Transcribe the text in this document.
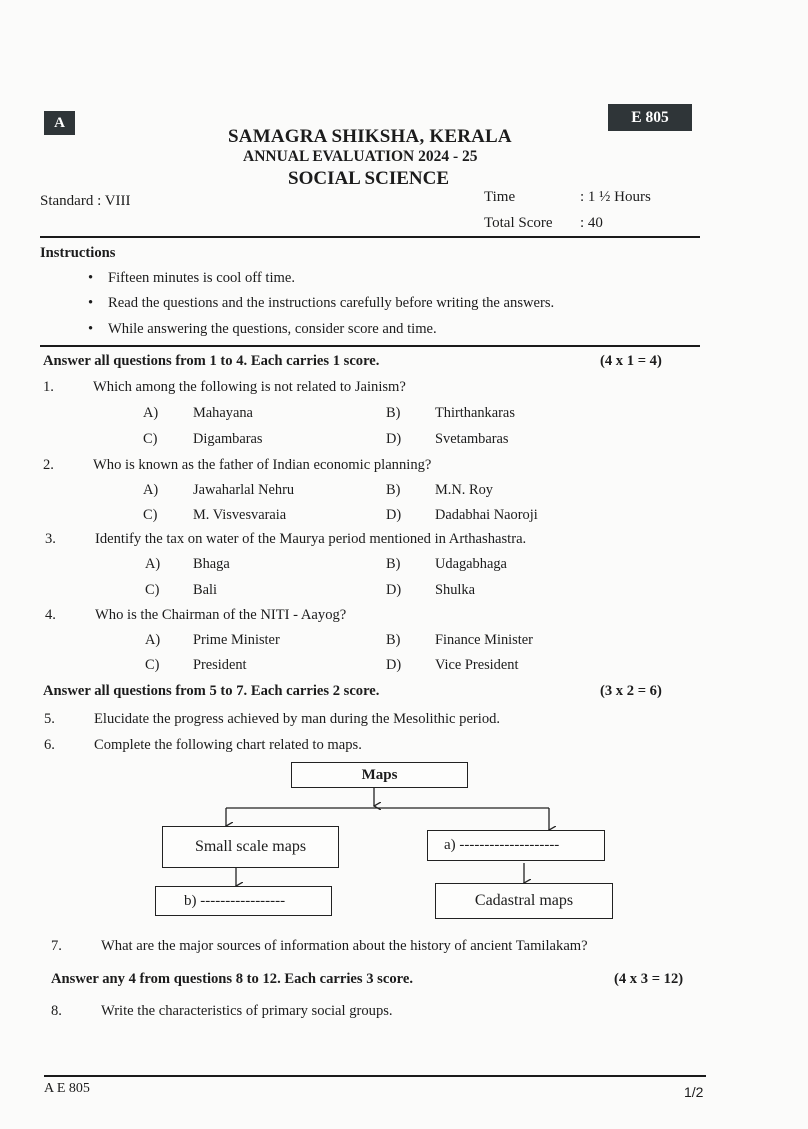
A	E 805
SAMAGRA SHIKSHA, KERALA
ANNUAL EVALUATION 2024 - 25
SOCIAL SCIENCE
Standard : VIII	Time	: 1 ½ Hours
Total Score : 40
Instructions
• Fifteen minutes is cool off time.
• Read the questions and the instructions carefully before writing the answers.
• While answering the questions, consider score and time.
Answer all questions from 1 to 4. Each carries 1 score.	(4 x 1 = 4)
1.	Which among the following is not related to Jainism?
A) Mahayana	B) Thirthankaras
C) Digambaras	D) Svetambaras
2.	Who is known as the father of Indian economic planning?
A) Jawaharlal Nehru	B) M.N. Roy
C) M. Visvesvaraia	D) Dadabhai Naoroji
3.	Identify the tax on water of the Maurya period mentioned in Arthashastra.
A) Bhaga	B) Udagabhaga
C) Bali	D) Shulka
4.	Who is the Chairman of the NITI - Aayog?
A) Prime Minister	B) Finance Minister
C) President	D) Vice President
Answer all questions from 5 to 7. Each carries 2 score.	(3 x 2 = 6)
5.	Elucidate the progress achieved by man during the Mesolithic period.
6.	Complete the following chart related to maps.
Maps
Small scale maps	a) --------------------
b) -----------------	Cadastral maps
7.	What are the major sources of information about the history of ancient Tamilakam?
Answer any 4 from questions 8 to 12. Each carries 3 score.	(4 x 3 = 12)
8.	Write the characteristics of primary social groups.
A E 805	1/2
